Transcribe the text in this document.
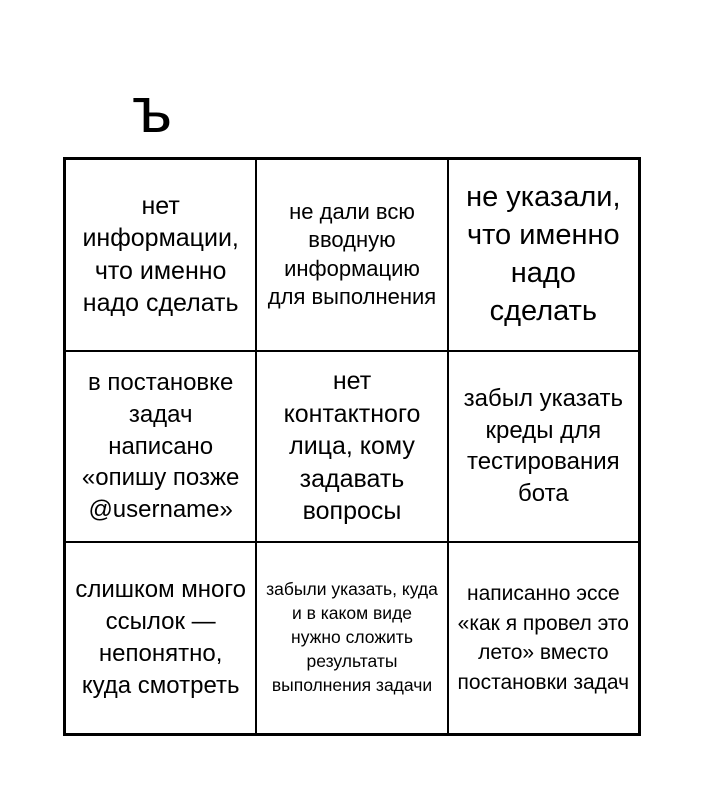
ъ
нет информации, что именно надо сделать
не дали всю вводную информацию для выполнения
не указали, что именно надо сделать
в постановке задач написано «опишу позже @username»
нет контактного лица, кому задавать вопросы
забыл указать креды для тестирования бота
слишком много ссылок — непонятно, куда смотреть
забыли указать, куда и в каком виде нужно сложить результаты выполнения задачи
написанно эссе «как я провел это лето» вместо постановки задач
